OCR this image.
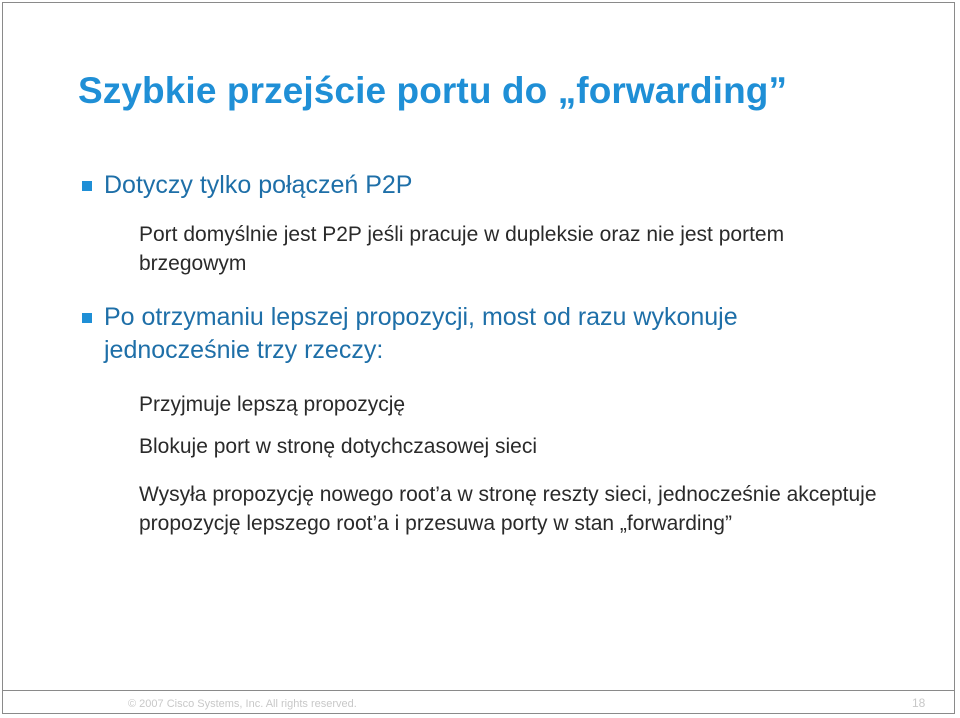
Szybkie przejście portu do „forwarding”
Dotyczy tylko połączeń P2P
Port domyślnie jest P2P jeśli pracuje w dupleksie oraz nie jest portem brzegowym
Po otrzymaniu lepszej propozycji, most od razu wykonuje jednocześnie trzy rzeczy:
Przyjmuje lepszą propozycję
Blokuje port w stronę dotychczasowej sieci
Wysyła propozycję nowego root’a w stronę reszty sieci, jednocześnie akceptuje propozycję lepszego root’a i przesuwa porty w stan „forwarding”
© 2007 Cisco Systems, Inc. All rights reserved.	18
